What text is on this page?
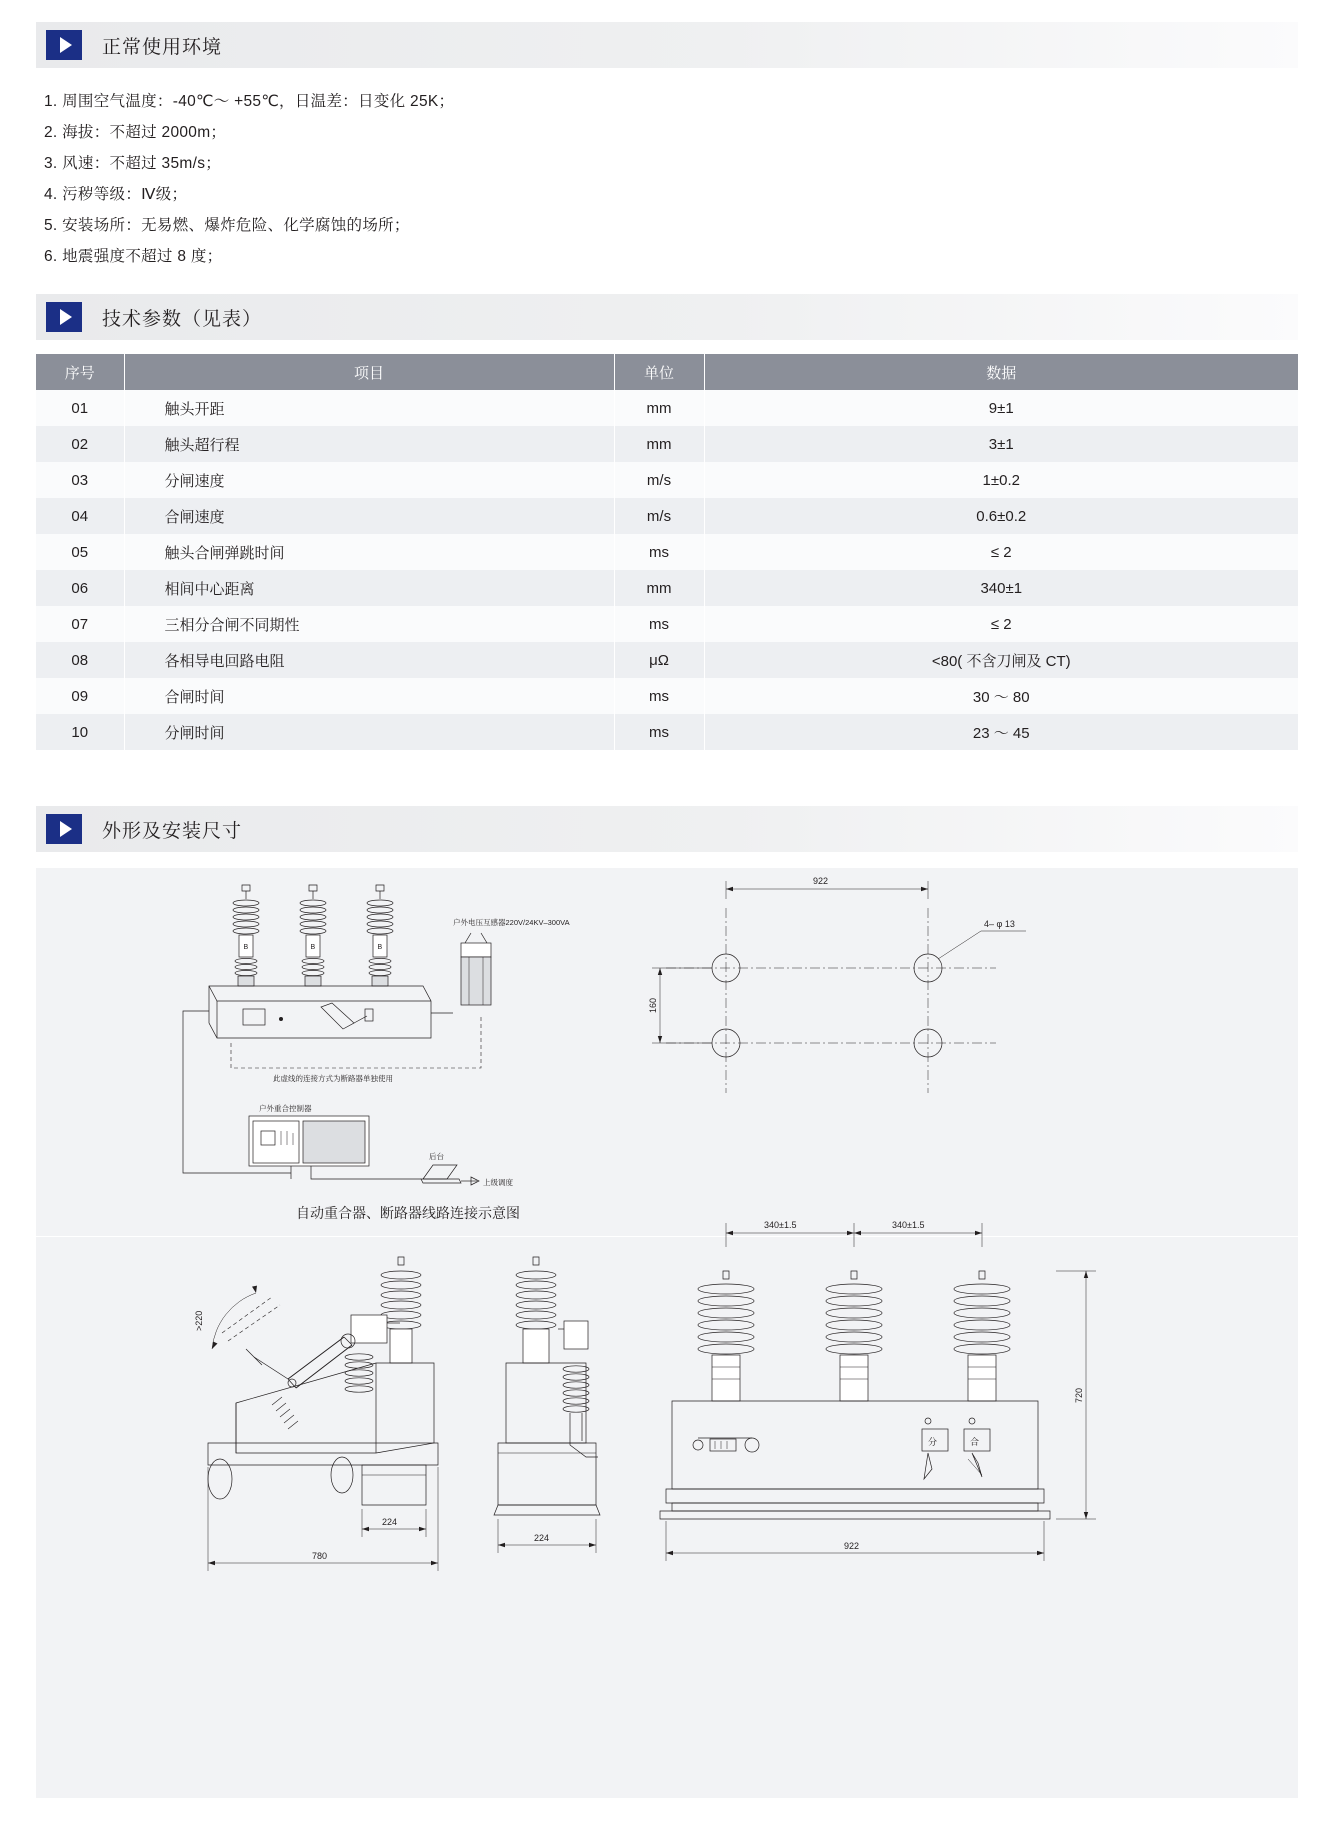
正常使用环境
1. 周围空气温度：-40℃～ +55℃，日温差：日变化 25K；
2. 海拔：不超过 2000m；
3. 风速：不超过 35m/s；
4. 污秽等级：Ⅳ级；
5. 安装场所：无易燃、爆炸危险、化学腐蚀的场所；
6. 地震强度不超过 8 度；
技术参数（见表）
序号	项目	单位	数据
01	触头开距	mm	9±1
02	触头超行程	mm	3±1
03	分闸速度	m/s	1±0.2
04	合闸速度	m/s	0.6±0.2
05	触头合闸弹跳时间	ms	≤ 2
06	相间中心距离	mm	340±1
07	三相分合闸不同期性	ms	≤ 2
08	各相导电回路电阻	μΩ	<80( 不含刀闸及 CT)
09	合闸时间	ms	30 ～ 80
10	分闸时间	ms	23 ～ 45
外形及安装尺寸
B	B	B
户外电压互感器220V/24KV–300VA
此虚线的连接方式为断路器单独使用
户外重合控制器
后台
上级调度
922
160
4– φ 13
自动重合器、断路器线路连接示意图
>220
224
780
224
分	合
340±1.5	340±1.5
720
922
